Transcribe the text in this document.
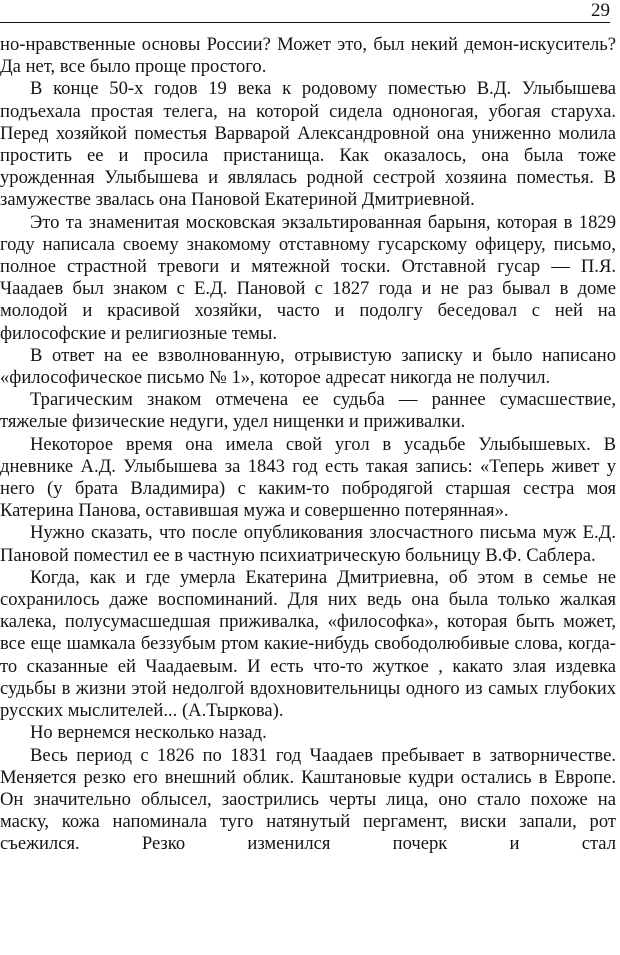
29

но-нравственные основы России? Может это, был некий демон-искуситель? Да нет, все было проще простого.

В конце 50-х годов 19 века к родовому поместью В.Д. Улыбышева подъехала простая телега, на которой сидела одноногая, убогая старуха. Перед хозяйкой поместья Варварой Александровной она униженно молила простить ее и просила пристанища. Как оказалось, она была тоже урожденная Улыбышева и являлась родной сестрой хозяина поместья. В замужестве звалась она Пановой Екатериной Дмитриевной.

Это та знаменитая московская экзальтированная барыня, которая в 1829 году написала своему знакомому отставному гусарскому офицеру, письмо, полное страстной тревоги и мятежной тоски. Отставной гусар — П.Я. Чаадаев был знаком с Е.Д. Пановой с 1827 года и не раз бывал в доме молодой и красивой хозяйки, часто и подолгу беседовал с ней на философские и религиозные темы.

В ответ на ее взволнованную, отрывистую записку и было написано «философическое письмо № 1», которое адресат никогда не получил.

Трагическим знаком отмечена ее судьба — раннее сумасшествие, тяжелые физические недуги, удел нищенки и приживалки.

Некоторое время она имела свой угол в усадьбе Улыбышевых. В дневнике А.Д. Улыбышева за 1843 год есть такая запись: «Теперь живет у него (у брата Владимира) с каким-то побродягой старшая сестра моя Катерина Панова, оставившая мужа и совершенно потерянная».

Нужно сказать, что после опубликования злосчастного письма муж Е.Д. Пановой поместил ее в частную психиатрическую больницу В.Ф. Саблера.

Когда, как и где умерла Екатерина Дмитриевна, об этом в семье не сохранилось даже воспоминаний. Для них ведь она была только жалкая калека, полусумасшедшая приживалка, «философка», которая быть может, все еще шамкала беззубым ртом какие-нибудь свободолюбивые слова, когда-то сказанные ей Чаадаевым. И есть что-то жуткое , какато злая издевка судьбы в жизни этой недолгой вдохновительницы одного из самых глубоких русских мыслителей... (А.Тыркова).

Но вернемся несколько назад.

Весь период с 1826 по 1831 год Чаадаев пребывает в затворничестве. Меняется резко его внешний облик. Каштановые кудри остались в Европе. Он значительно облысел, заострились черты лица, оно стало похоже на маску, кожа напоминала туго натянутый пергамент, виски запали, рот съежился. Резко изменился почерк и стал
